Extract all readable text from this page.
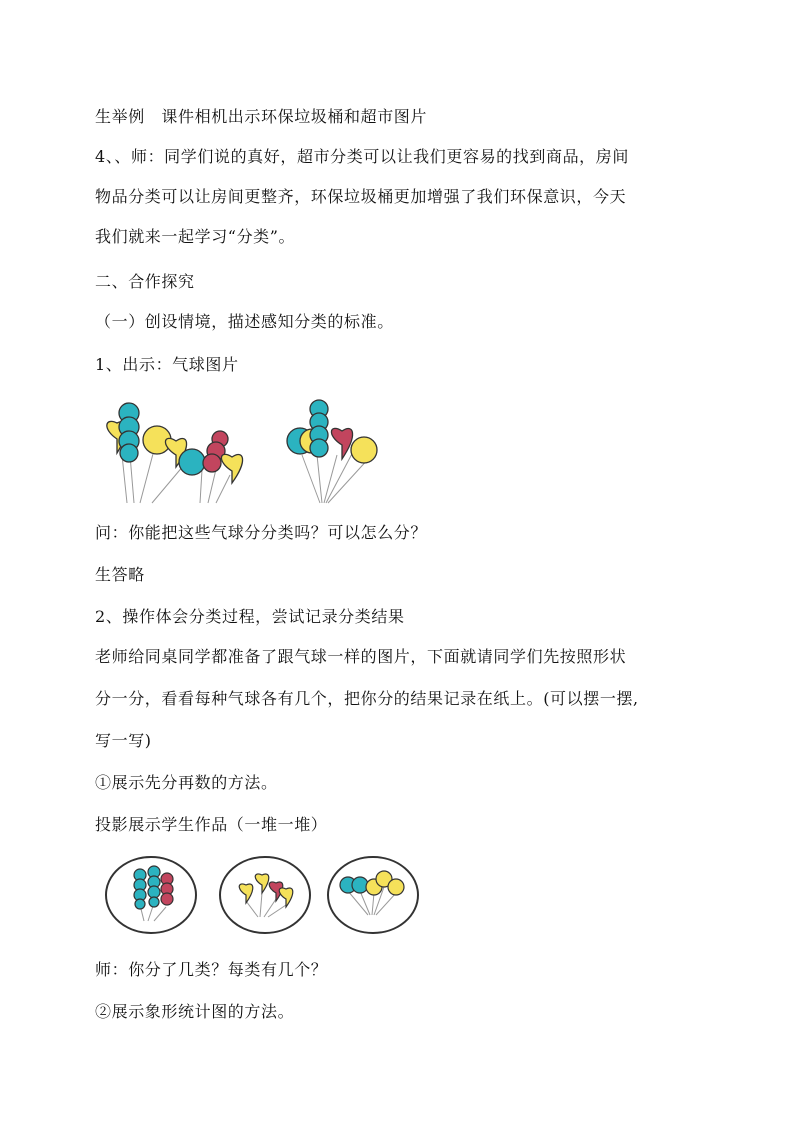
生举例　课件相机出示环保垃圾桶和超市图片
4、、师：同学们说的真好，超市分类可以让我们更容易的找到商品，房间
物品分类可以让房间更整齐，环保垃圾桶更加增强了我们环保意识，今天
我们就来一起学习“分类”。
二、合作探究
（一）创设情境，描述感知分类的标准。
1、出示：气球图片
问：你能把这些气球分分类吗？可以怎么分？
生答略
2、操作体会分类过程，尝试记录分类结果
老师给同桌同学都准备了跟气球一样的图片，下面就请同学们先按照形状
分一分，看看每种气球各有几个，把你分的结果记录在纸上。(可以摆一摆,
写一写)
①展示先分再数的方法。
投影展示学生作品（一堆一堆）
师：你分了几类？每类有几个？
②展示象形统计图的方法。
